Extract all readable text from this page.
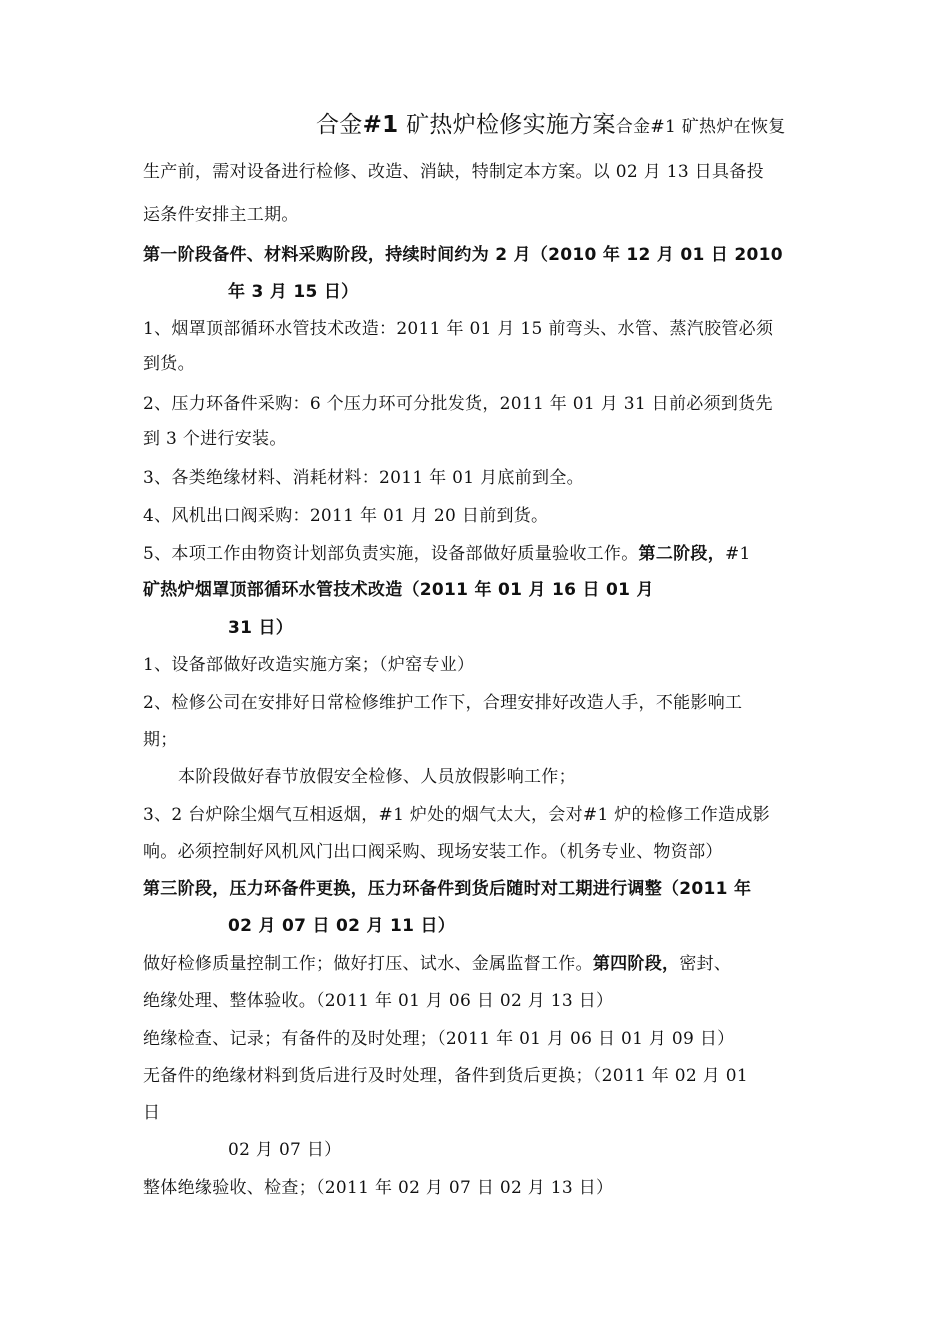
合金#1 矿热炉检修实施方案合金#1 矿热炉在恢复
生产前，需对设备进行检修、改造、消缺，特制定本方案。以 02 月 13 日具备投
运条件安排主工期。
第一阶段备件、材料采购阶段，持续时间约为 2 月（2010 年 12 月 01 日 2010
年 3 月 15 日）
1、烟罩顶部循环水管技术改造：2011 年 01 月 15 前弯头、水管、蒸汽胶管必须
到货。
2、压力环备件采购：6 个压力环可分批发货，2011 年 01 月 31 日前必须到货先
到 3 个进行安装。
3、各类绝缘材料、消耗材料：2011 年 01 月底前到全。
4、风机出口阀采购：2011 年 01 月 20 日前到货。
5、本项工作由物资计划部负责实施，设备部做好质量验收工作。第二阶段，#1
矿热炉烟罩顶部循环水管技术改造（2011 年 01 月 16 日 01 月
31 日）
1、设备部做好改造实施方案；（炉窑专业）
2、检修公司在安排好日常检修维护工作下，合理安排好改造人手，不能影响工
期；
本阶段做好春节放假安全检修、人员放假影响工作；
3、2 台炉除尘烟气互相返烟，#1 炉处的烟气太大，会对#1 炉的检修工作造成影
响。必须控制好风机风门出口阀采购、现场安装工作。（机务专业、物资部）
第三阶段，压力环备件更换，压力环备件到货后随时对工期进行调整（2011 年
02 月 07 日 02 月 11 日）
做好检修质量控制工作；做好打压、试水、金属监督工作。第四阶段，密封、
绝缘处理、整体验收。（2011 年 01 月 06 日 02 月 13 日）
绝缘检查、记录；有备件的及时处理；（2011 年 01 月 06 日 01 月 09 日）
无备件的绝缘材料到货后进行及时处理，备件到货后更换；（2011 年 02 月 01
日
02 月 07 日）
整体绝缘验收、检查；（2011 年 02 月 07 日 02 月 13 日）
